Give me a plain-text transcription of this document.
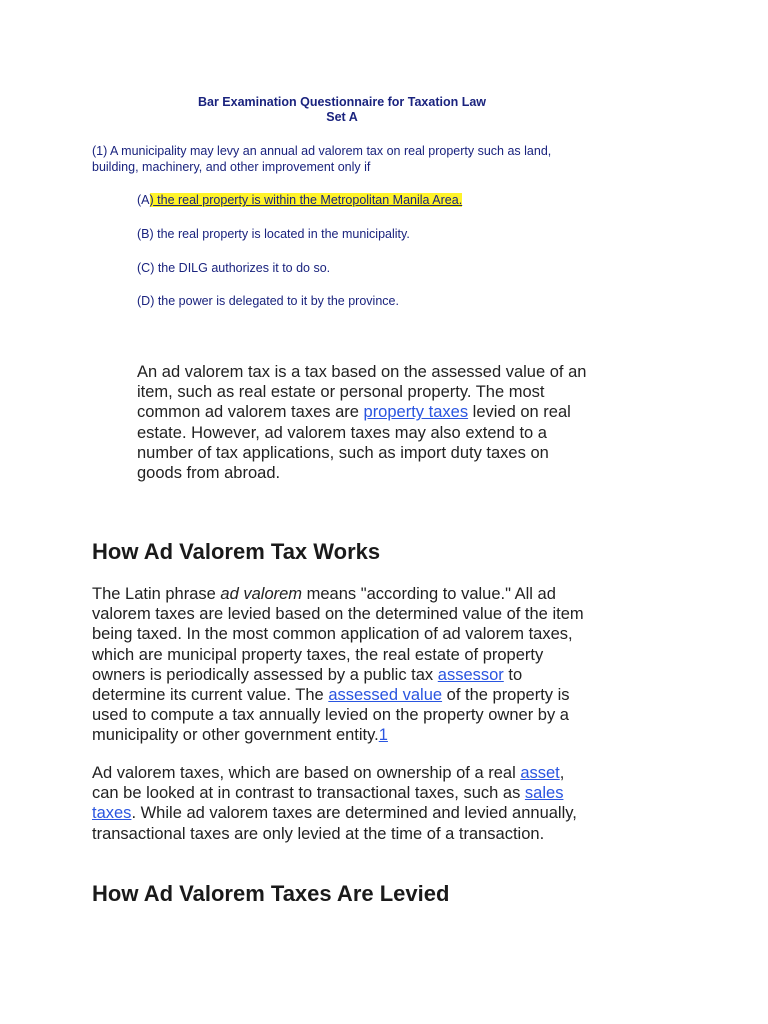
Bar Examination Questionnaire for Taxation Law
Set A
(1) A municipality may levy an annual ad valorem tax on real property such as land,
building, machinery, and other improvement only if
(A) the real property is within the Metropolitan Manila Area.
(B) the real property is located in the municipality.
(C) the DILG authorizes it to do so.
(D) the power is delegated to it by the province.
An ad valorem tax is a tax based on the assessed value of an item, such as real estate or personal property. The most common ad valorem taxes are property taxes levied on real estate. However, ad valorem taxes may also extend to a number of tax applications, such as import duty taxes on goods from abroad.
How Ad Valorem Tax Works
The Latin phrase ad valorem means "according to value." All ad valorem taxes are levied based on the determined value of the item being taxed. In the most common application of ad valorem taxes, which are municipal property taxes, the real estate of property owners is periodically assessed by a public tax assessor to determine its current value. The assessed value of the property is used to compute a tax annually levied on the property owner by a municipality or other government entity.1
Ad valorem taxes, which are based on ownership of a real asset, can be looked at in contrast to transactional taxes, such as sales taxes. While ad valorem taxes are determined and levied annually, transactional taxes are only levied at the time of a transaction.
How Ad Valorem Taxes Are Levied
